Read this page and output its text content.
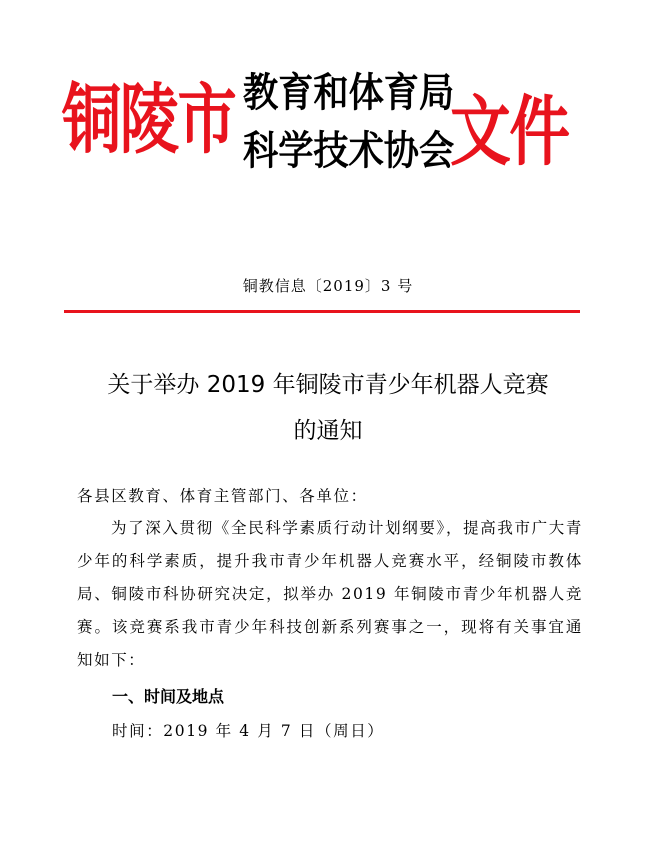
铜陵市 教育和体育局
科学技术协会
文件
铜教信息〔2019〕3 号
关于举办 2019 年铜陵市青少年机器人竞赛
的通知
各县区教育、体育主管部门、各单位：
为了深入贯彻《全民科学素质行动计划纲要》，提高我市广大青少年的科学素质，提升我市青少年机器人竞赛水平，经铜陵市教体局、铜陵市科协研究决定，拟举办 2019 年铜陵市青少年机器人竞赛。该竞赛系我市青少年科技创新系列赛事之一，现将有关事宜通知如下：
一、时间及地点
时间：2019 年 4 月 7 日（周日）
